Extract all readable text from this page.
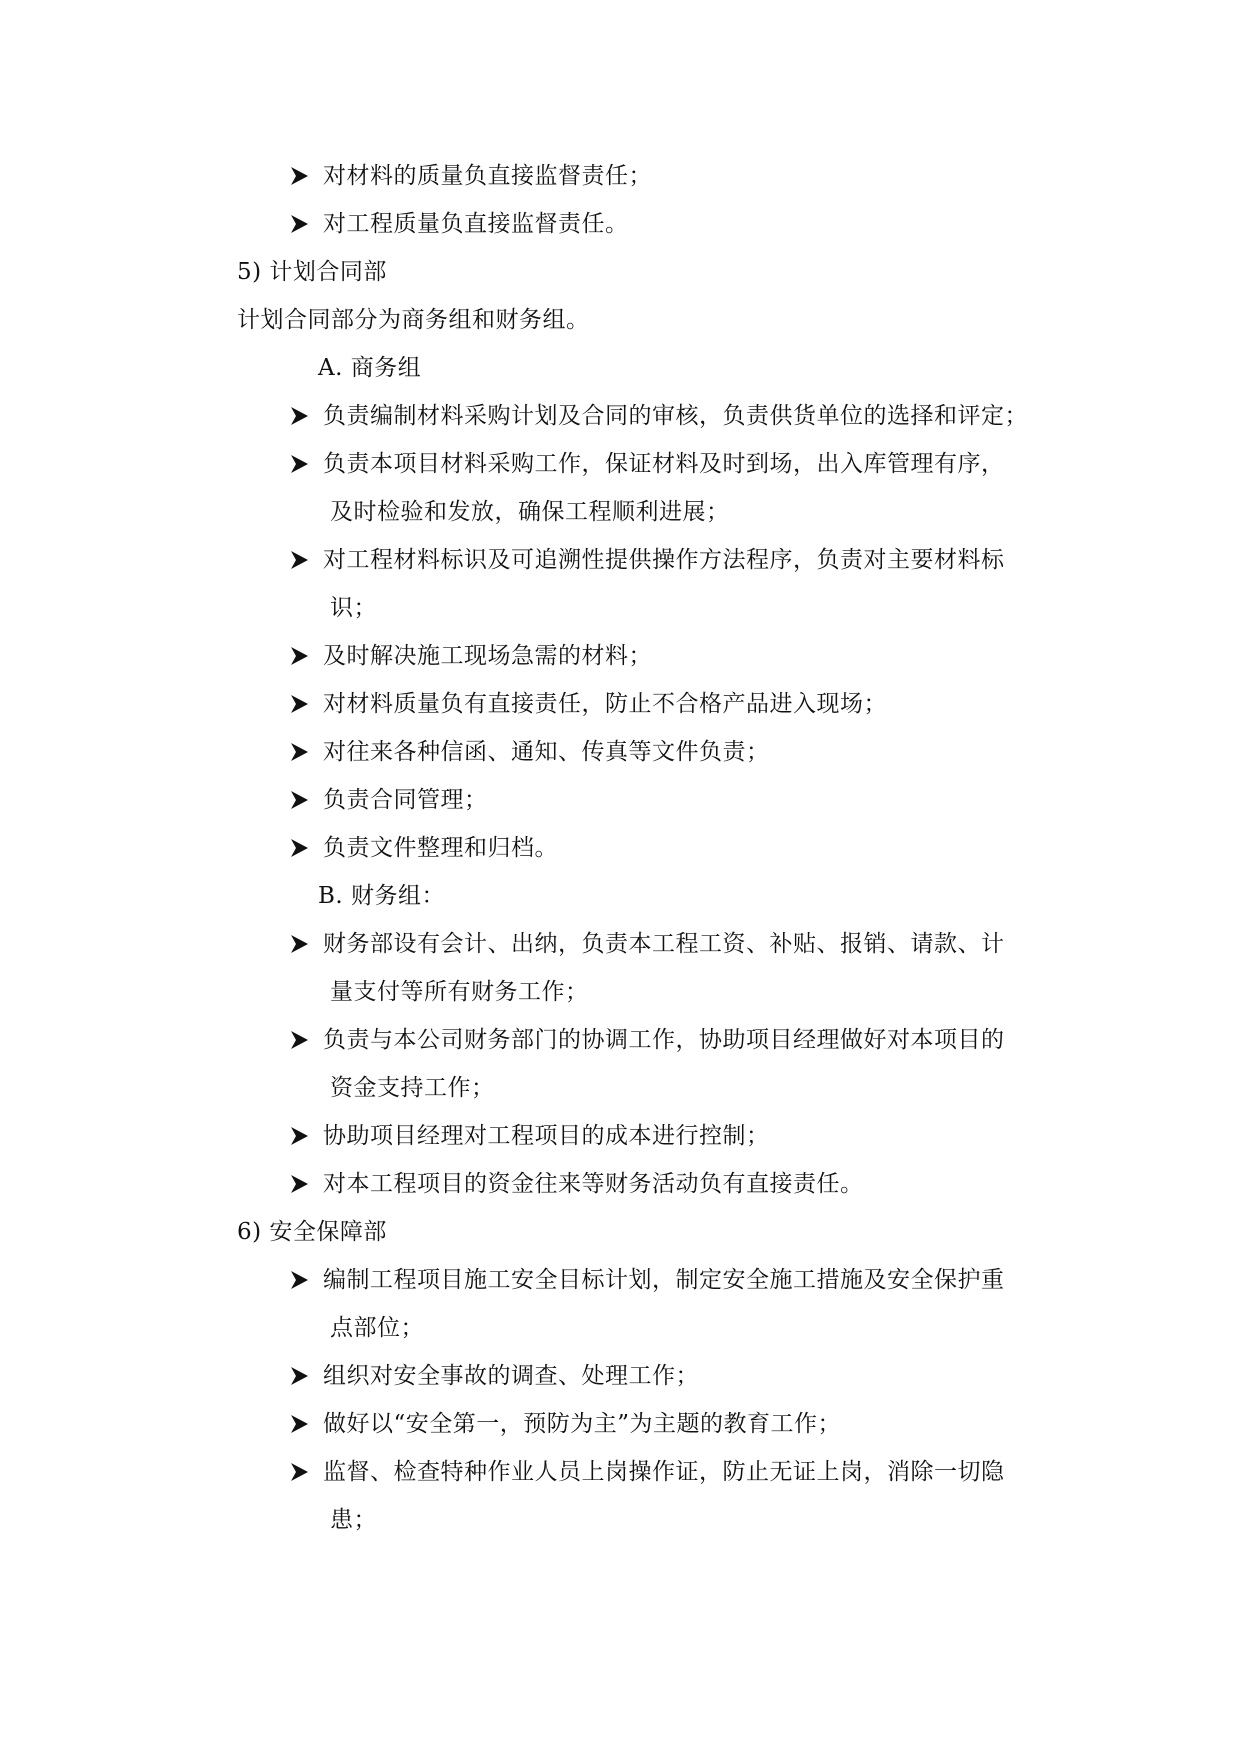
对材料的质量负直接监督责任；
对工程质量负直接监督责任。
5) 计划合同部
计划合同部分为商务组和财务组。
A. 商务组
负责编制材料采购计划及合同的审核，负责供货单位的选择和评定；
负责本项目材料采购工作，保证材料及时到场，出入库管理有序，
及时检验和发放，确保工程顺利进展；
对工程材料标识及可追溯性提供操作方法程序，负责对主要材料标
识；
及时解决施工现场急需的材料；
对材料质量负有直接责任，防止不合格产品进入现场；
对往来各种信函、通知、传真等文件负责；
负责合同管理；
负责文件整理和归档。
B. 财务组：
财务部设有会计、出纳，负责本工程工资、补贴、报销、请款、计
量支付等所有财务工作；
负责与本公司财务部门的协调工作，协助项目经理做好对本项目的
资金支持工作；
协助项目经理对工程项目的成本进行控制；
对本工程项目的资金往来等财务活动负有直接责任。
6) 安全保障部
编制工程项目施工安全目标计划，制定安全施工措施及安全保护重
点部位；
组织对安全事故的调查、处理工作；
做好以“安全第一，预防为主”为主题的教育工作；
监督、检查特种作业人员上岗操作证，防止无证上岗，消除一切隐
患；
